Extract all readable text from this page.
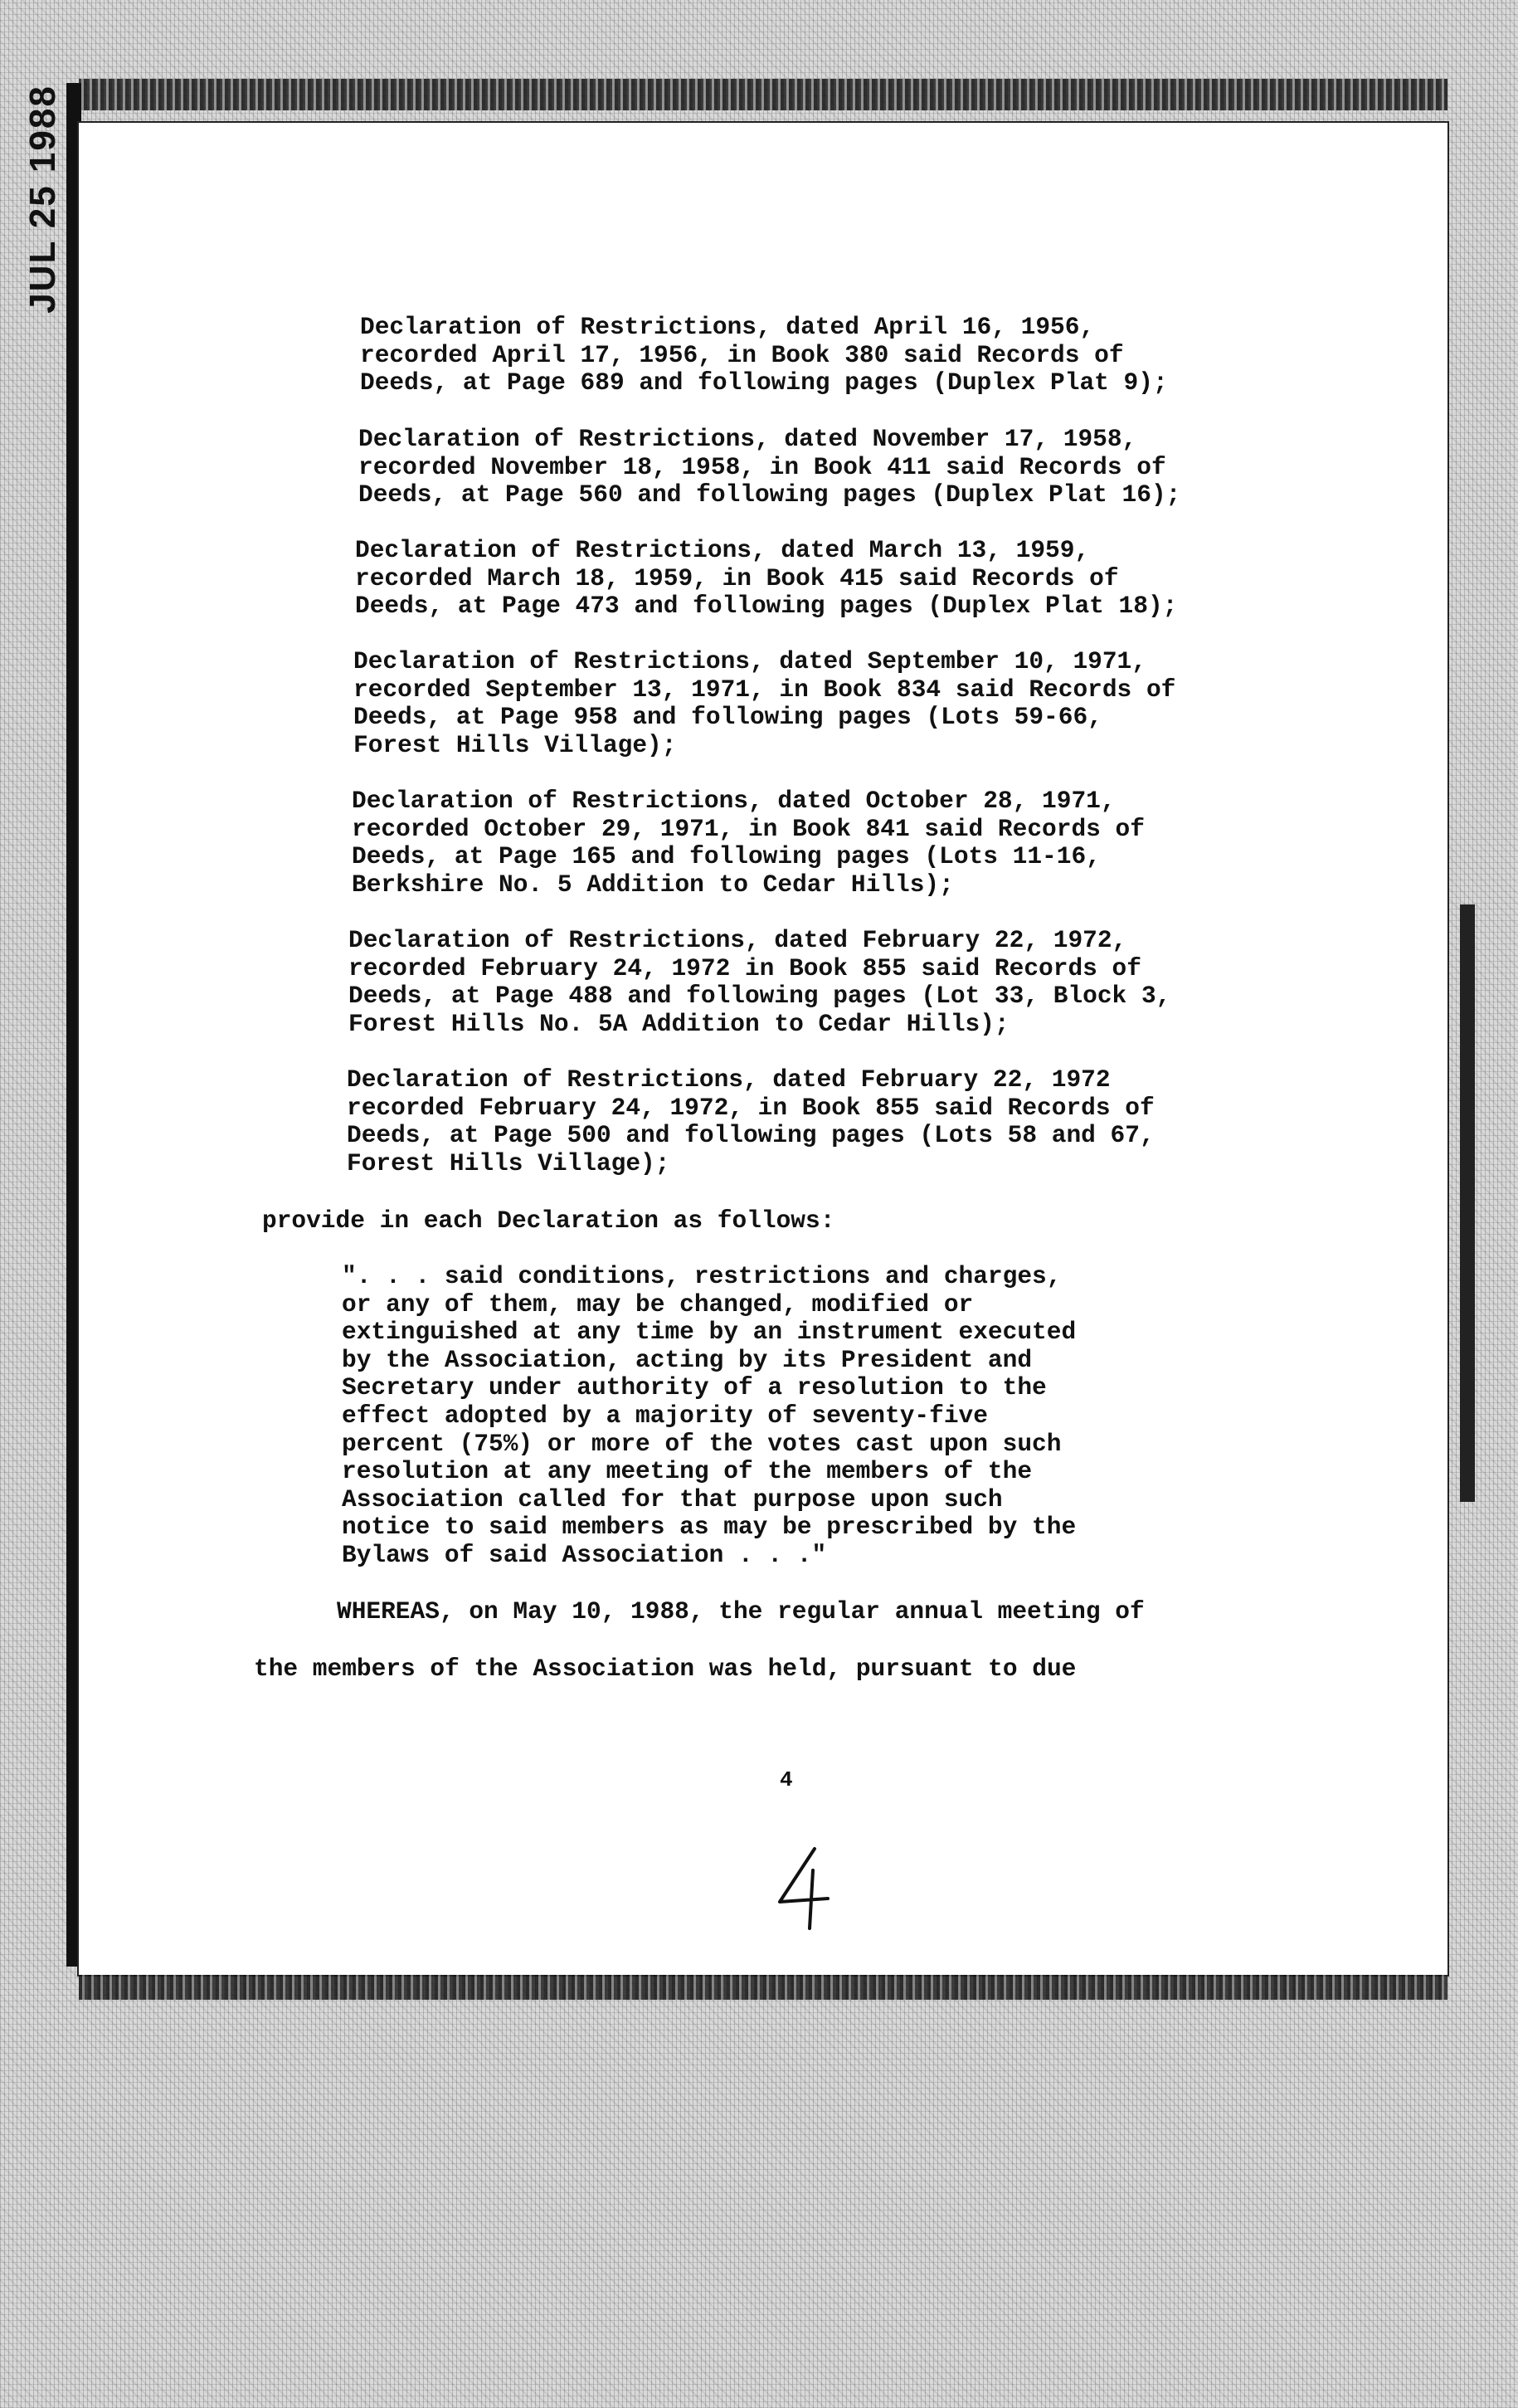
JUL 25 1988

Declaration of Restrictions, dated April 16, 1956,
recorded April 17, 1956, in Book 380 said Records of
Deeds, at Page 689 and following pages (Duplex Plat 9);

Declaration of Restrictions, dated November 17, 1958,
recorded November 18, 1958, in Book 411 said Records of
Deeds, at Page 560 and following pages (Duplex Plat 16);

Declaration of Restrictions, dated March 13, 1959,
recorded March 18, 1959, in Book 415 said Records of
Deeds, at Page 473 and following pages (Duplex Plat 18);

Declaration of Restrictions, dated September 10, 1971,
recorded September 13, 1971, in Book 834 said Records of
Deeds, at Page 958 and following pages (Lots 59-66,
Forest Hills Village);

Declaration of Restrictions, dated October 28, 1971,
recorded October 29, 1971, in Book 841 said Records of
Deeds, at Page 165 and following pages (Lots 11-16,
Berkshire No. 5 Addition to Cedar Hills);

Declaration of Restrictions, dated February 22, 1972,
recorded February 24, 1972 in Book 855 said Records of
Deeds, at Page 488 and following pages (Lot 33, Block 3,
Forest Hills No. 5A Addition to Cedar Hills);

Declaration of Restrictions, dated February 22, 1972
recorded February 24, 1972, in Book 855 said Records of
Deeds, at Page 500 and following pages (Lots 58 and 67,
Forest Hills Village);

provide in each Declaration as follows:

". . . said conditions, restrictions and charges,
or any of them, may be changed, modified or
extinguished at any time by an instrument executed
by the Association, acting by its President and
Secretary under authority of a resolution to the
effect adopted by a majority of seventy-five
percent (75%) or more of the votes cast upon such
resolution at any meeting of the members of the
Association called for that purpose upon such
notice to said members as may be prescribed by the
Bylaws of said Association . . ."

WHEREAS, on May 10, 1988, the regular annual meeting of

the members of the Association was held, pursuant to due

4
